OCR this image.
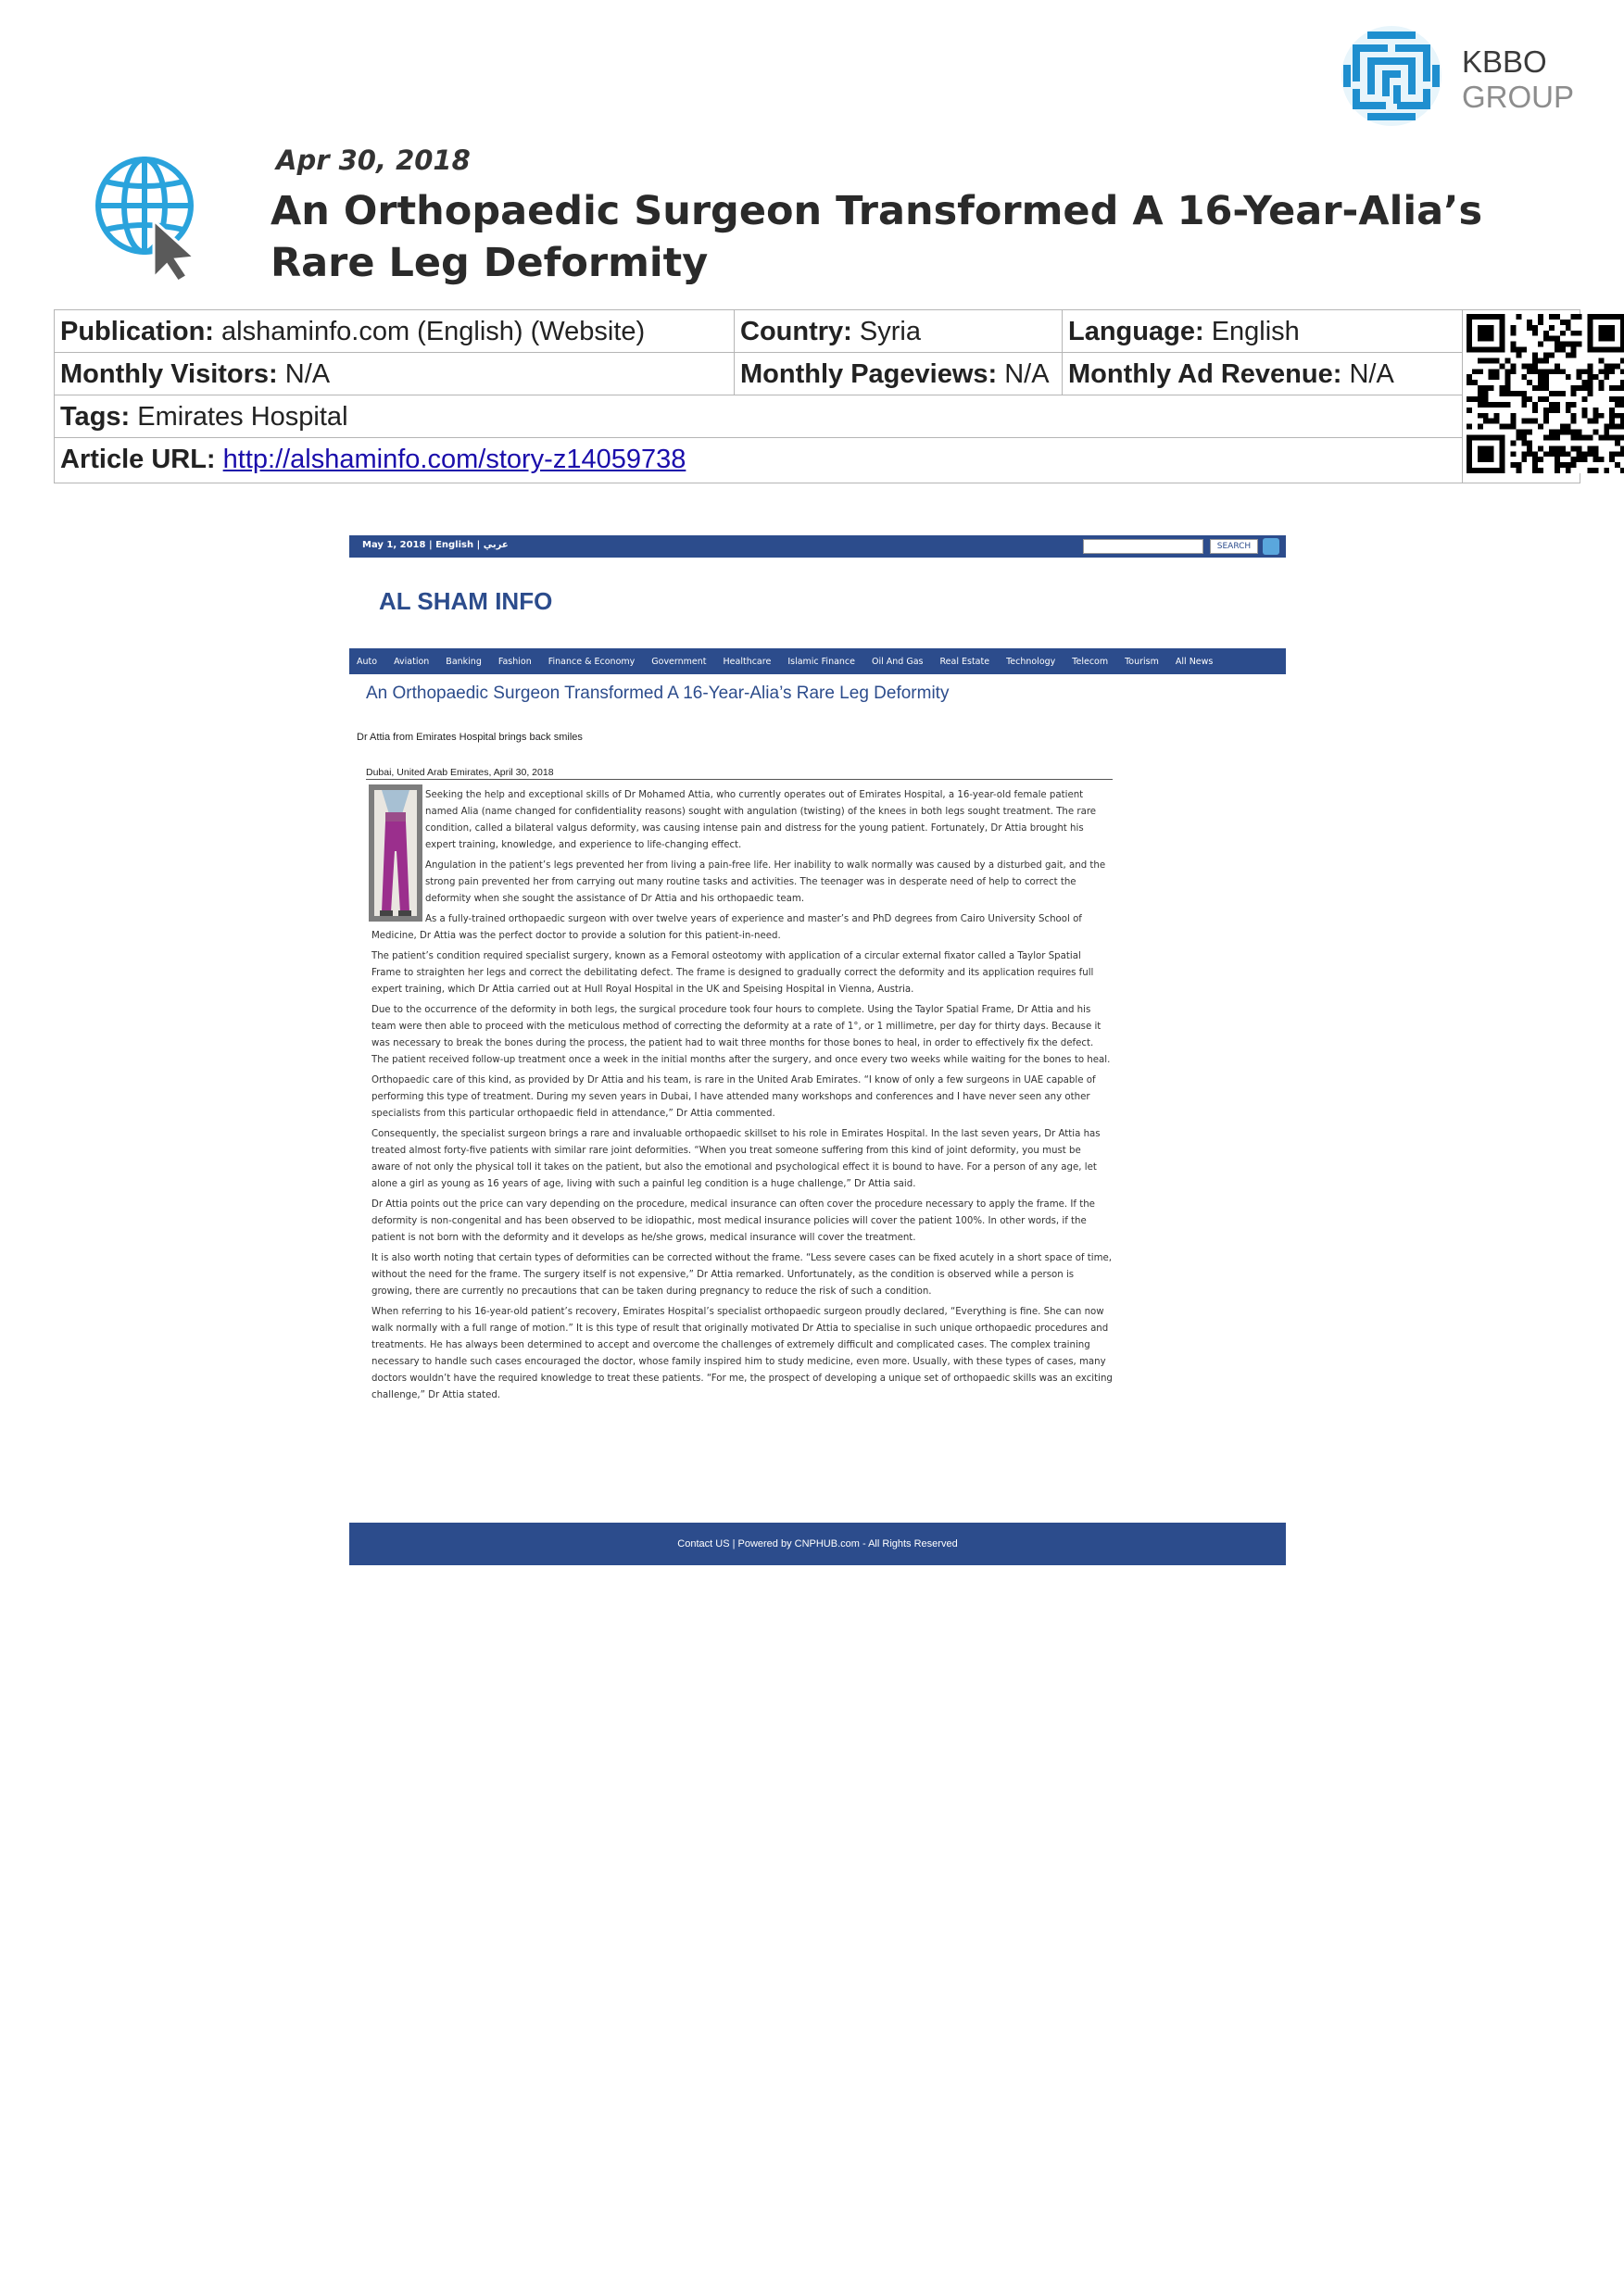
KBBO
GROUP
Apr 30, 2018
An Orthopaedic Surgeon Transformed A 16-Year-Alia’s Rare Leg Deformity
Publication: alshaminfo.com (English) (Website)	Country: Syria	Language: English
Monthly Visitors: N/A	Monthly Pageviews: N/A Monthly Ad Revenue: N/A
Tags: Emirates Hospital
Article URL: http://alshaminfo.com/story-z14059738
May 1, 2018 | English | عربي	SEARCH
AL SHAM INFO
Auto Aviation Banking Fashion Finance & Economy Government Healthcare Islamic Finance Oil And Gas Real Estate Technology Telecom Tourism All News
An Orthopaedic Surgeon Transformed A 16-Year-Alia’s Rare Leg Deformity
Dr Attia from Emirates Hospital brings back smiles
Dubai, United Arab Emirates, April 30, 2018

Seeking the help and exceptional skills of Dr Mohamed Attia, who currently operates out of Emirates Hospital, a 16-year-old female patient named Alia (name changed for confidentiality reasons) sought with angulation (twisting) of the knees in both legs sought treatment. The rare condition, called a bilateral valgus deformity, was causing intense pain and distress for the young patient. Fortunately, Dr Attia brought his expert training, knowledge, and experience to life-changing effect.

Angulation in the patient’s legs prevented her from living a pain-free life. Her inability to walk normally was caused by a disturbed gait, and the strong pain prevented her from carrying out many routine tasks and activities. The teenager was in desperate need of help to correct the deformity when she sought the assistance of Dr Attia and his orthopaedic team.

As a fully-trained orthopaedic surgeon with over twelve years of experience and master’s and PhD degrees from Cairo University School of Medicine, Dr Attia was the perfect doctor to provide a solution for this patient-in-need.

The patient’s condition required specialist surgery, known as a Femoral osteotomy with application of a circular external fixator called a Taylor Spatial Frame to straighten her legs and correct the debilitating defect. The frame is designed to gradually correct the deformity and its application requires full expert training, which Dr Attia carried out at Hull Royal Hospital in the UK and Speising Hospital in Vienna, Austria.

Due to the occurrence of the deformity in both legs, the surgical procedure took four hours to complete. Using the Taylor Spatial Frame, Dr Attia and his team were then able to proceed with the meticulous method of correcting the deformity at a rate of 1°, or 1 millimetre, per day for thirty days. Because it was necessary to break the bones during the process, the patient had to wait three months for those bones to heal, in order to effectively fix the defect. The patient received follow-up treatment once a week in the initial months after the surgery, and once every two weeks while waiting for the bones to heal.

Orthopaedic care of this kind, as provided by Dr Attia and his team, is rare in the United Arab Emirates. “I know of only a few surgeons in UAE capable of performing this type of treatment. During my seven years in Dubai, I have attended many workshops and conferences and I have never seen any other specialists from this particular orthopaedic field in attendance,” Dr Attia commented.

Consequently, the specialist surgeon brings a rare and invaluable orthopaedic skillset to his role in Emirates Hospital. In the last seven years, Dr Attia has treated almost forty-five patients with similar rare joint deformities. “When you treat someone suffering from this kind of joint deformity, you must be aware of not only the physical toll it takes on the patient, but also the emotional and psychological effect it is bound to have. For a person of any age, let alone a girl as young as 16 years of age, living with such a painful leg condition is a huge challenge,” Dr Attia said.

Dr Attia points out the price can vary depending on the procedure, medical insurance can often cover the procedure necessary to apply the frame. If the deformity is non-congenital and has been observed to be idiopathic, most medical insurance policies will cover the patient 100%. In other words, if the patient is not born with the deformity and it develops as he/she grows, medical insurance will cover the treatment.

It is also worth noting that certain types of deformities can be corrected without the frame. “Less severe cases can be fixed acutely in a short space of time, without the need for the frame. The surgery itself is not expensive,” Dr Attia remarked. Unfortunately, as the condition is observed while a person is growing, there are currently no precautions that can be taken during pregnancy to reduce the risk of such a condition.

When referring to his 16-year-old patient’s recovery, Emirates Hospital’s specialist orthopaedic surgeon proudly declared, “Everything is fine. She can now walk normally with a full range of motion.” It is this type of result that originally motivated Dr Attia to specialise in such unique orthopaedic procedures and treatments. He has always been determined to accept and overcome the challenges of extremely difficult and complicated cases. The complex training necessary to handle such cases encouraged the doctor, whose family inspired him to study medicine, even more. Usually, with these types of cases, many doctors wouldn’t have the required knowledge to treat these patients. “For me, the prospect of developing a unique set of orthopaedic skills was an exciting challenge,” Dr Attia stated.

Contact US | Powered by CNPHUB.com - All Rights Reserved
